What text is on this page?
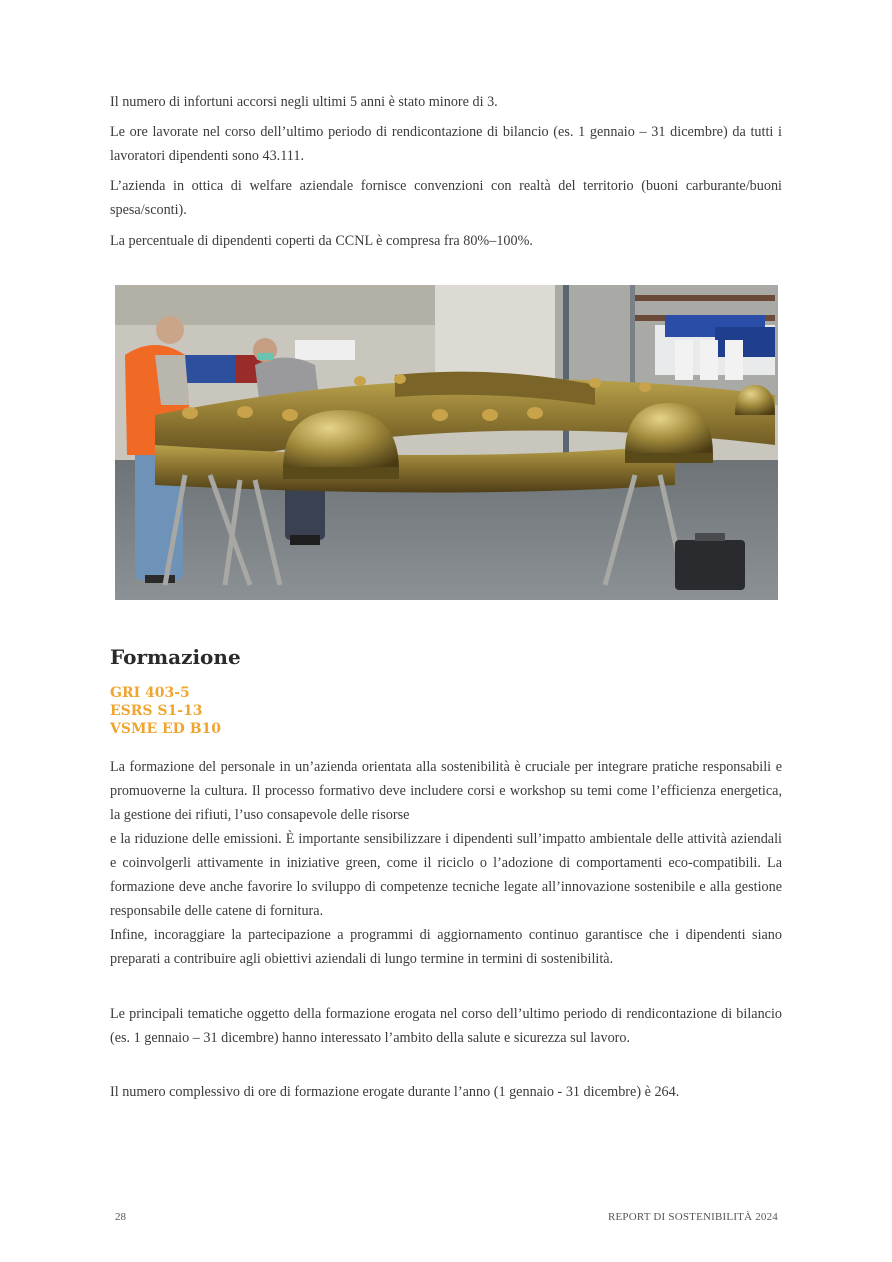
Il numero di infortuni accorsi negli ultimi 5 anni è stato minore di 3.

Le ore lavorate nel corso dell’ultimo periodo di rendicontazione di bilancio (es. 1 gennaio – 31 dicembre) da tutti i lavoratori dipendenti sono 43.111.

L’azienda in ottica di welfare aziendale fornisce convenzioni con realtà del territorio (buoni carburante/buoni spesa/sconti).

La percentuale di dipendenti coperti da CCNL è compresa fra 80%–100%.

Formazione
GRI 403-5
ESRS S1-13
VSME ED B10

La formazione del personale in un’azienda orientata alla sostenibilità è cruciale per integrare pratiche responsabili e promuoverne la cultura. Il processo formativo deve includere corsi e workshop su temi come l’efficienza energetica, la gestione dei rifiuti, l’uso consapevole delle risorse

e la riduzione delle emissioni. È importante sensibilizzare i dipendenti sull’impatto ambientale delle attività aziendali e coinvolgerli attivamente in iniziative green, come il riciclo o l’adozione di comportamenti eco-compatibili. La formazione deve anche favorire lo sviluppo di competenze tecniche legate all’innovazione sostenibile e alla gestione responsabile delle catene di fornitura.

Infine, incoraggiare la partecipazione a programmi di aggiornamento continuo garantisce che i dipendenti siano preparati a contribuire agli obiettivi aziendali di lungo termine in termini di sostenibilità.

Le principali tematiche oggetto della formazione erogata nel corso dell’ultimo periodo di rendicontazione di bilancio (es. 1 gennaio – 31 dicembre) hanno interessato l’ambito della salute e sicurezza sul lavoro.

Il numero complessivo di ore di formazione erogate durante l’anno (1 gennaio - 31 dicembre) è 264.

28	REPORT DI SOSTENIBILITÀ 2024
